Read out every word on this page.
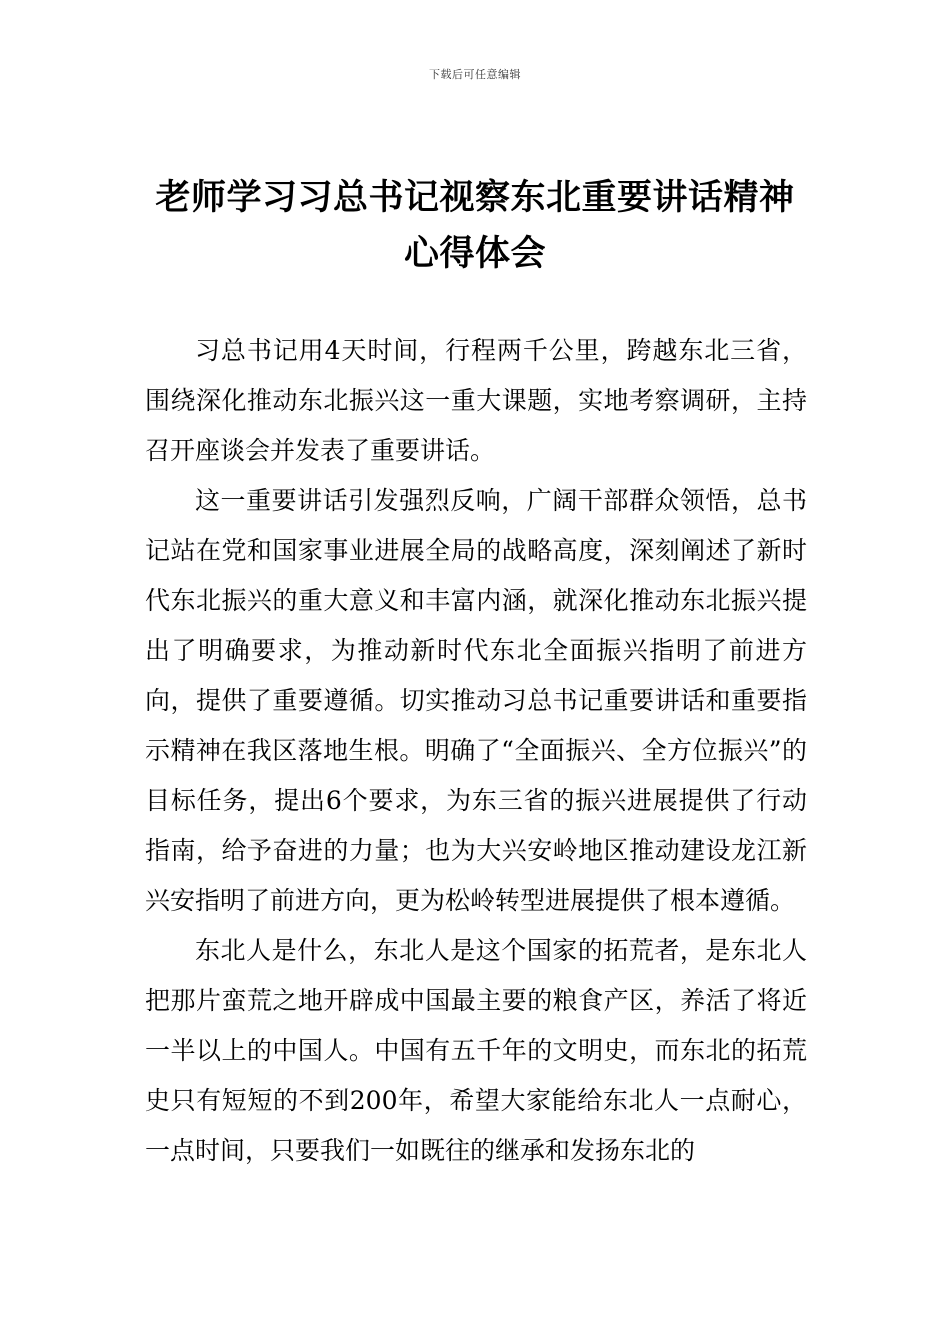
下载后可任意编辑
老师学习习总书记视察东北重要讲话精神心得体会

习总书记用4天时间，行程两千公里，跨越东北三省，围绕深化推动东北振兴这一重大课题，实地考察调研，主持召开座谈会并发表了重要讲话。

这一重要讲话引发强烈反响，广阔干部群众领悟，总书记站在党和国家事业进展全局的战略高度，深刻阐述了新时代东北振兴的重大意义和丰富内涵，就深化推动东北振兴提出了明确要求，为推动新时代东北全面振兴指明了前进方向，提供了重要遵循。切实推动习总书记重要讲话和重要指示精神在我区落地生根。明确了“全面振兴、全方位振兴”的目标任务，提出6个要求，为东三省的振兴进展提供了行动指南，给予奋进的力量；也为大兴安岭地区推动建设龙江新兴安指明了前进方向，更为松岭转型进展提供了根本遵循。

东北人是什么，东北人是这个国家的拓荒者，是东北人把那片蛮荒之地开辟成中国最主要的粮食产区，养活了将近一半以上的中国人。中国有五千年的文明史，而东北的拓荒史只有短短的不到200年，希望大家能给东北人一点耐心，一点时间，只要我们一如既往的继承和发扬东北的
